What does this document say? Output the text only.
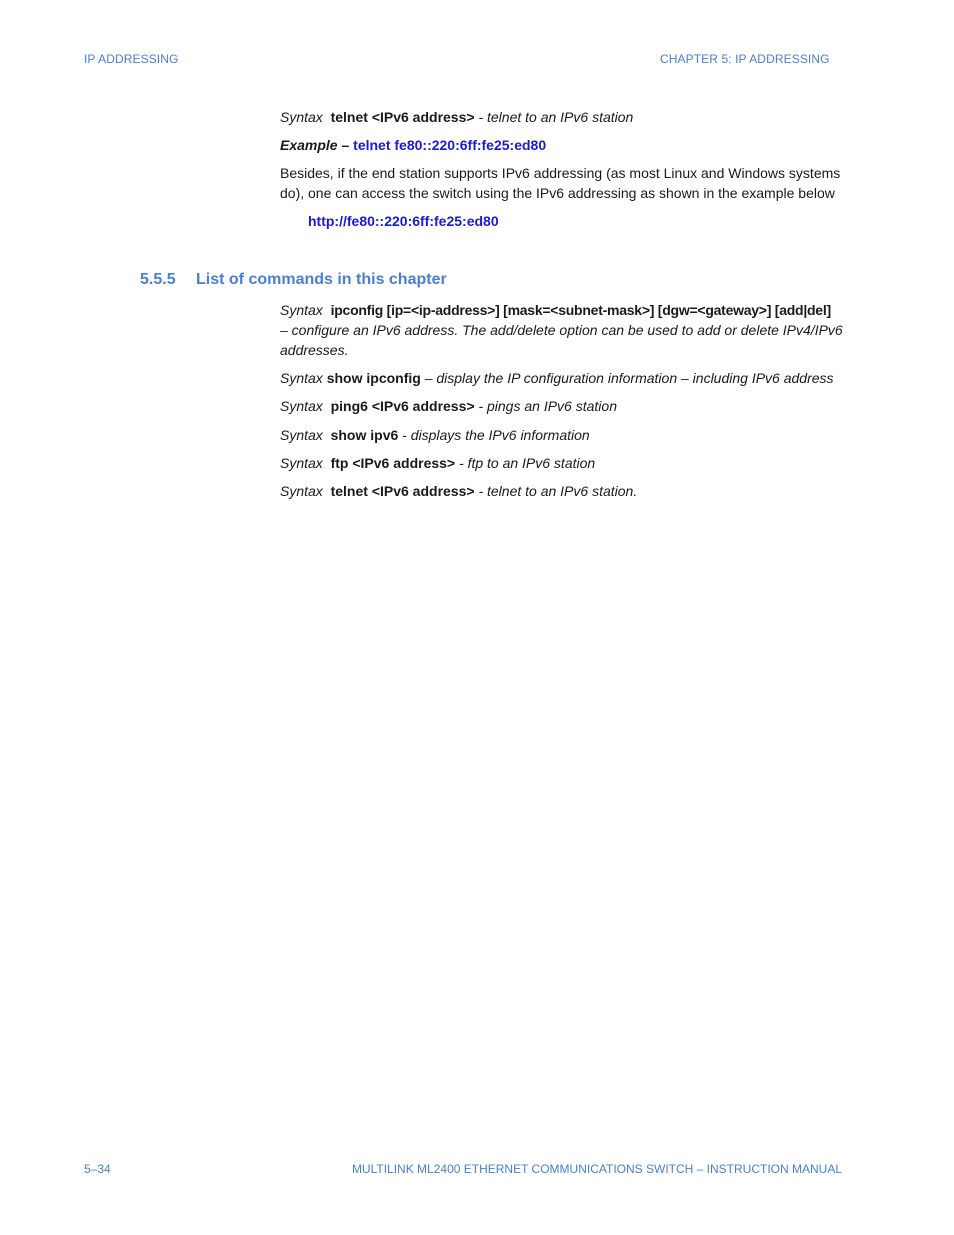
IP ADDRESSING	CHAPTER 5: IP ADDRESSING
Syntax telnet <IPv6 address> - telnet to an IPv6 station
Example – telnet fe80::220:6ff:fe25:ed80
Besides, if the end station supports IPv6 addressing (as most Linux and Windows systems do), one can access the switch using the IPv6 addressing as shown in the example below
http://fe80::220:6ff:fe25:ed80
5.5.5 List of commands in this chapter
Syntax ipconfig [ip=<ip-address>] [mask=<subnet-mask>] [dgw=<gateway>] [add|del]
– configure an IPv6 address. The add/delete option can be used to add or delete IPv4/IPv6 addresses.
Syntax show ipconfig – display the IP configuration information – including IPv6 address
Syntax ping6 <IPv6 address> - pings an IPv6 station
Syntax show ipv6 - displays the IPv6 information
Syntax ftp <IPv6 address> - ftp to an IPv6 station
Syntax telnet <IPv6 address> - telnet to an IPv6 station.
5–34	MULTILINK ML2400 ETHERNET COMMUNICATIONS SWITCH – INSTRUCTION MANUAL
